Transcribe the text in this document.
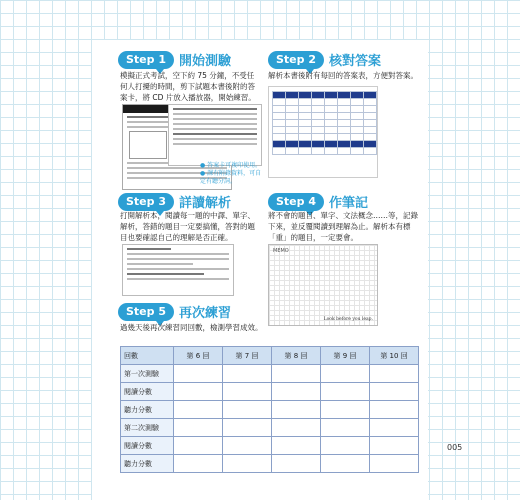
Step 1	開始測驗
模擬正式考試，空下約 75 分鐘，不受任何人打擾的時間，剪下試題本書後附的答案卡，將 CD 片放入播放器，開始練習。
● 答案卡可複印使用。
● 課有附錄資料，可自定有聽分詞。
Step 2	核對答案
解析本書後附有每回的答案表，方便對答案。

Step 3	詳讀解析
打開解析本，閱讀每一題的中譯、單字、解析，答錯的題目一定要搞懂，答對的題目也要確認自己的理解是否正確。
Step 4	作筆記
將不會的題目、單字、文法概念……等，記錄下來，並反覆閱讀到理解為止。解析本有標「重」的題目，一定要會。
MEMO
Look before you leap.
Step 5	再次練習
過幾天後再次練習同回數，檢測學習成效。
回數	第 6 回	第 7 回	第 8 回	第 9 回	第 10 回
第一次測驗					
閱讀分數					
聽力分數					
第二次測驗					
閱讀分數					
聽力分數					
005
